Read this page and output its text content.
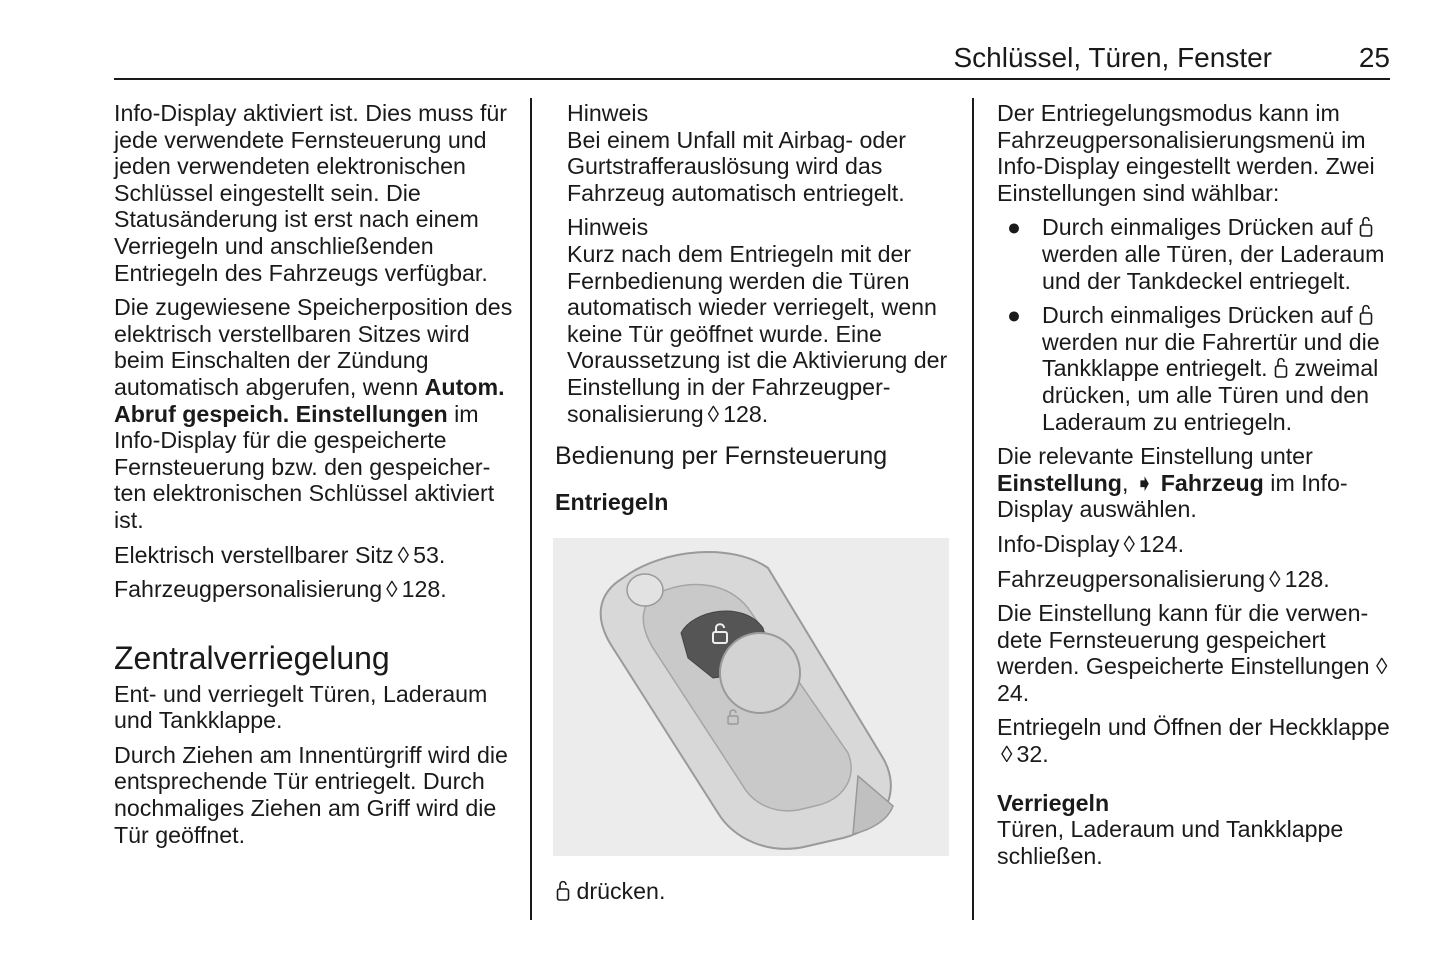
Schlüssel, Türen, Fenster	25

Info-Display aktiviert ist. Dies muss für jede verwendete Fernsteuerung und jeden verwendeten elektronischen Schlüssel eingestellt sein. Die Statusänderung ist erst nach einem Verriegeln und anschließenden Entriegeln des Fahrzeugs verfügbar.

Die zugewiesene Speicherposition des elektrisch verstellbaren Sitzes wird beim Einschalten der Zündung automatisch abgerufen, wenn Autom. Abruf gespeich. Einstellungen im Info-Display für die gespeicherte Fernsteuerung bzw. den gespeicherten elektronischen Schlüssel aktiviert ist.

Elektrisch verstellbarer Sitz ◊ 53.

Fahrzeugpersonalisierung ◊ 128.

Zentralverriegelung

Ent- und verriegelt Türen, Laderaum und Tankklappe.

Durch Ziehen am Innentürgriff wird die entsprechende Tür entriegelt. Durch nochmaliges Ziehen am Griff wird die Tür geöffnet.

Hinweis

Bei einem Unfall mit Airbag- oder Gurtstrafferauslösung wird das Fahrzeug automatisch entriegelt.

Hinweis

Kurz nach dem Entriegeln mit der Fernbedienung werden die Türen automatisch wieder verriegelt, wenn keine Tür geöffnet wurde. Eine Voraussetzung ist die Aktivierung der Einstellung in der Fahrzeugpersonalisierung ◊ 128.

Bedienung per Fernsteuerung
Entriegeln
drücken.

Der Entriegelungsmodus kann im Fahrzeugpersonalisierungsmenü im Info-Display eingestellt werden. Zwei Einstellungen sind wählbar:

● Durch einmaliges Drücken auf  werden alle Türen, der Laderaum und der Tankdeckel entriegelt.
● Durch einmaliges Drücken auf  werden nur die Fahrertür und die Tankklappe entriegelt. zweimal drücken, um alle Türen und den Laderaum zu entriegeln.

Die relevante Einstellung unter Einstellung, ➧ Fahrzeug im Info-Display auswählen.

Info-Display ◊ 124.

Fahrzeugpersonalisierung ◊ 128.

Die Einstellung kann für die verwendete Fernsteuerung gespeichert werden. Gespeicherte Einstellungen ◊24.

Entriegeln und Öffnen der Heckklappe◊ 32.

Verriegeln

Türen, Laderaum und Tankklappe schließen.
